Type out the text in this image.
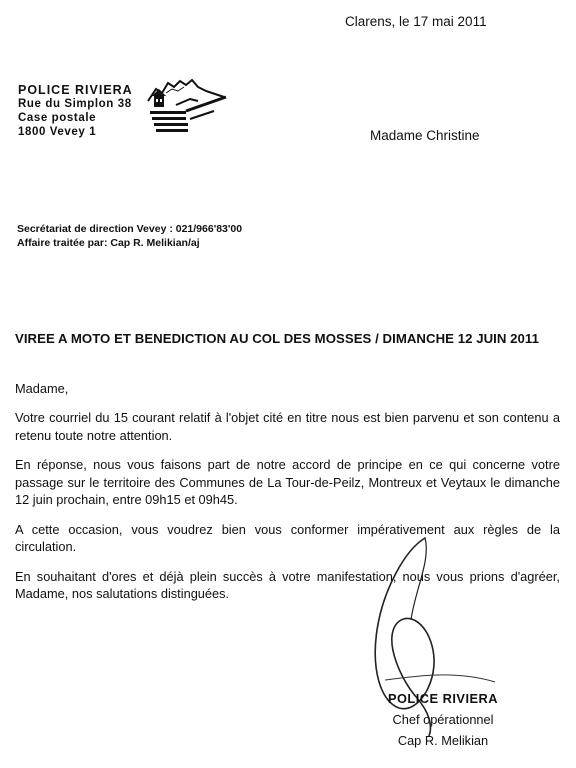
Clarens, le 17 mai 2011
POLICE RIVIERA
Rue du Simplon 38
Case postale
1800 Vevey 1	Madame Christine
Secrétariat de direction Vevey : 021/966'83'00
Affaire traitée par: Cap R. Melikian/aj
VIREE A MOTO ET BENEDICTION AU COL DES MOSSES / DIMANCHE 12 JUIN 2011

Madame,

Votre courriel du 15 courant relatif à l'objet cité en titre nous est bien parvenu et son contenu a retenu toute notre attention.

En réponse, nous vous faisons part de notre accord de principe en ce qui concerne votre passage sur le territoire des Communes de La Tour-de-Peilz, Montreux et Veytaux le dimanche 12 juin prochain, entre 09h15 et 09h45.

A cette occasion, vous voudrez bien vous conformer impérativement aux règles de la circulation.

En souhaitant d'ores et déjà plein succès à votre manifestation, nous vous prions d'agréer, Madame, nos salutations distinguées.

POLICE RIVIERA
Chef opérationnel
Cap R. Melikian
